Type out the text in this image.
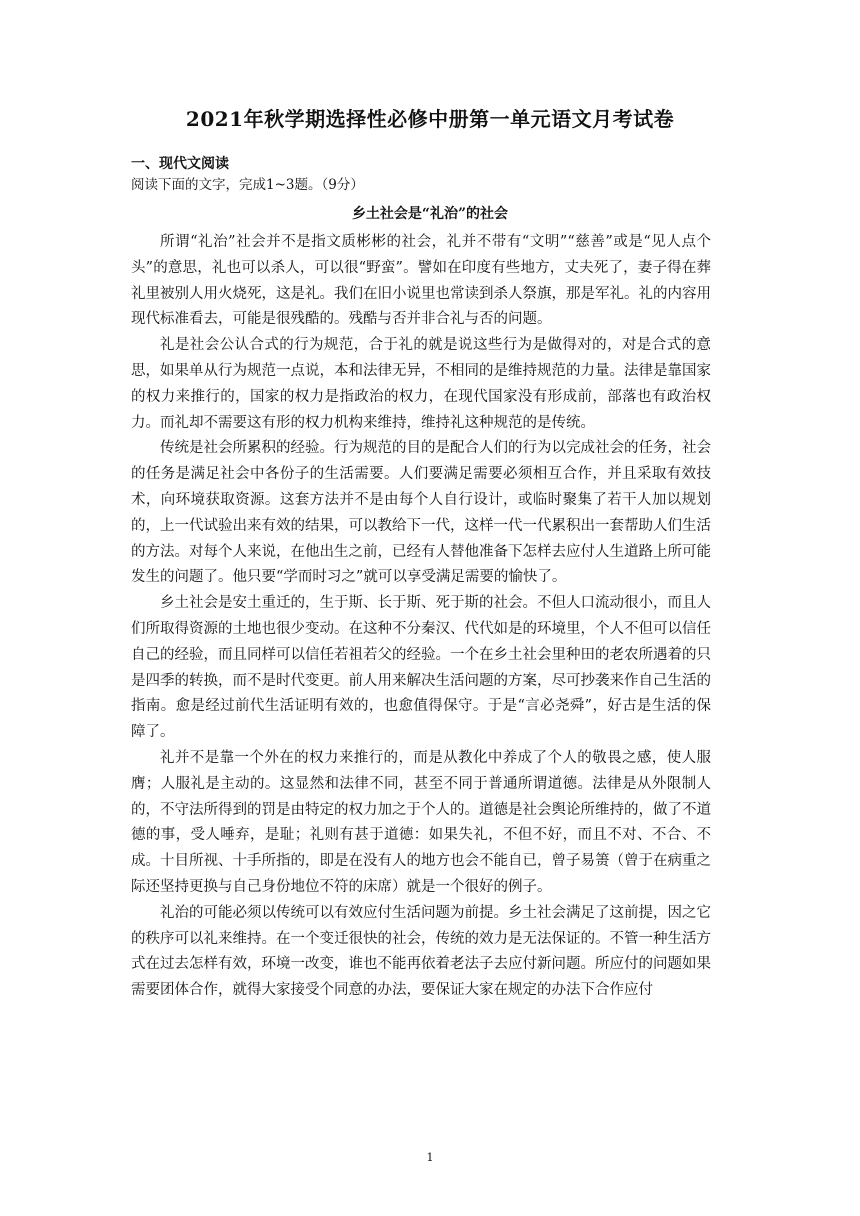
2021年秋学期选择性必修中册第一单元语文月考试卷
一、现代文阅读
阅读下面的文字，完成1~3题。（9分）
乡土社会是“礼治”的社会

所谓“礼治”社会并不是指文质彬彬的社会，礼并不带有“文明”“慈善”或是“见人点个头”的意思，礼也可以杀人，可以很“野蛮”。譬如在印度有些地方，丈夫死了，妻子得在葬礼里被别人用火烧死，这是礼。我们在旧小说里也常读到杀人祭旗，那是军礼。礼的内容用现代标准看去，可能是很残酷的。残酷与否并非合礼与否的问题。

礼是社会公认合式的行为规范，合于礼的就是说这些行为是做得对的，对是合式的意思，如果单从行为规范一点说，本和法律无异，不相同的是维持规范的力量。法律是靠国家的权力来推行的，国家的权力是指政治的权力，在现代国家没有形成前，部落也有政治权力。而礼却不需要这有形的权力机构来维持，维持礼这种规范的是传统。

传统是社会所累积的经验。行为规范的目的是配合人们的行为以完成社会的任务，社会的任务是满足社会中各份子的生活需要。人们要满足需要必须相互合作，并且采取有效技术，向环境获取资源。这套方法并不是由每个人自行设计，或临时聚集了若干人加以规划的，上一代试验出来有效的结果，可以教给下一代，这样一代一代累积出一套帮助人们生活的方法。对每个人来说，在他出生之前，已经有人替他准备下怎样去应付人生道路上所可能发生的问题了。他只要“学而时习之”就可以享受满足需要的愉快了。

乡土社会是安土重迁的，生于斯、长于斯、死于斯的社会。不但人口流动很小，而且人们所取得资源的土地也很少变动。在这种不分秦汉、代代如是的环境里，个人不但可以信任自己的经验，而且同样可以信任若祖若父的经验。一个在乡土社会里种田的老农所遇着的只是四季的转换，而不是时代变更。前人用来解决生活问题的方案，尽可抄袭来作自己生活的指南。愈是经过前代生活证明有效的，也愈值得保守。于是“言必尧舜”，好古是生活的保障了。

礼并不是靠一个外在的权力来推行的，而是从教化中养成了个人的敬畏之感，使人服膺；人服礼是主动的。这显然和法律不同，甚至不同于普通所谓道德。法律是从外限制人的，不守法所得到的罚是由特定的权力加之于个人的。道德是社会舆论所维持的，做了不道德的事，受人唾弃，是耻；礼则有甚于道德：如果失礼，不但不好，而且不对、不合、不成。十目所视、十手所指的，即是在没有人的地方也会不能自已，曾子易箦（曾于在病重之际还坚持更换与自己身份地位不符的床席）就是一个很好的例子。

礼治的可能必须以传统可以有效应付生活问题为前提。乡土社会满足了这前提，因之它的秩序可以礼来维持。在一个变迁很快的社会，传统的效力是无法保证的。不管一种生活方式在过去怎样有效，环境一改变，谁也不能再依着老法子去应付新问题。所应付的问题如果需要团体合作，就得大家接受个同意的办法，要保证大家在规定的办法下合作应付

1
